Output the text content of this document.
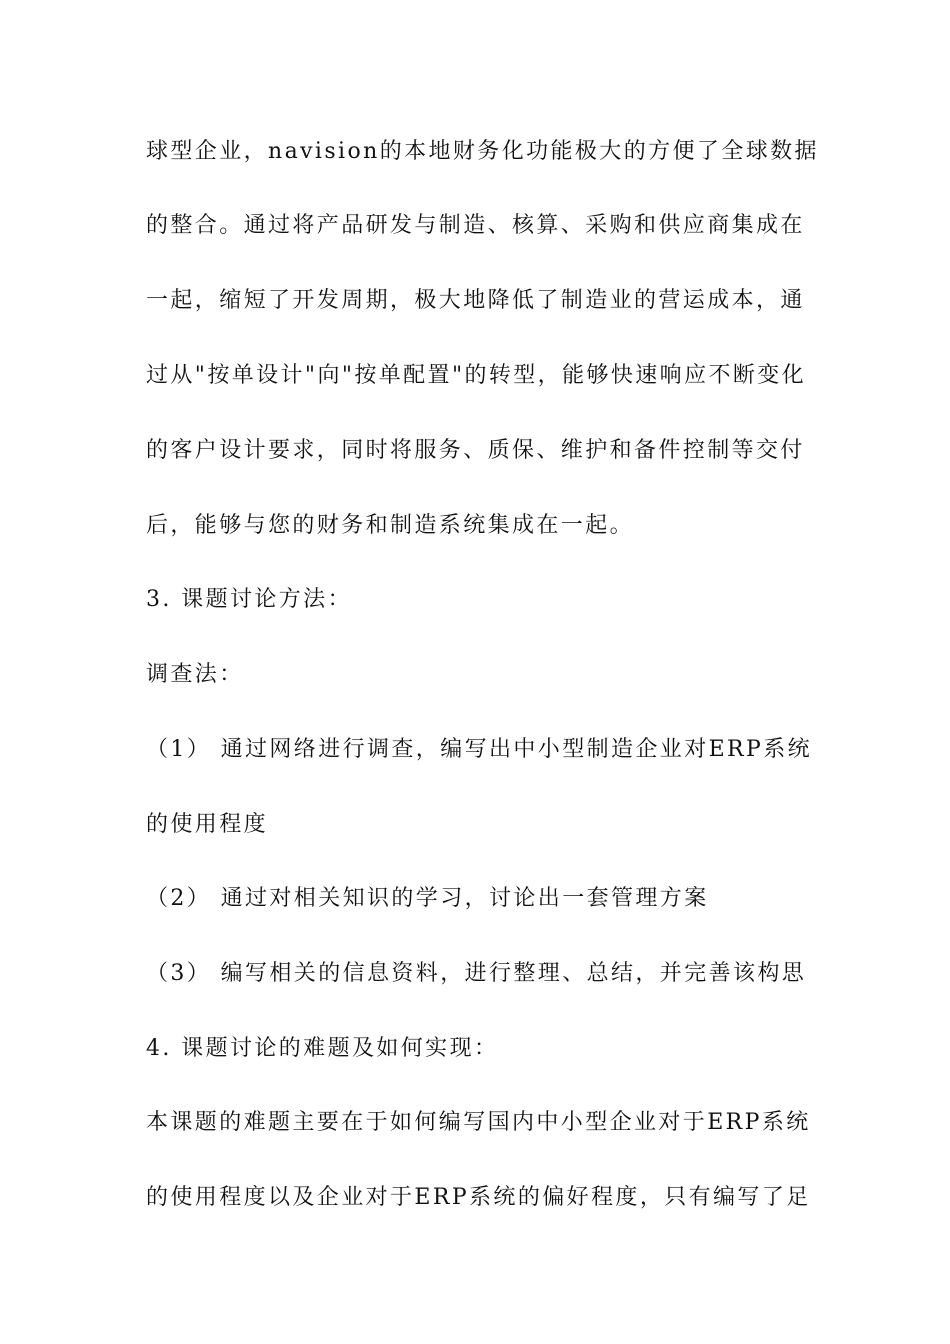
球型企业，navision的本地财务化功能极大的方便了全球数据
的整合。通过将产品研发与制造、核算、采购和供应商集成在
一起，缩短了开发周期，极大地降低了制造业的营运成本，通
过从"按单设计"向"按单配置"的转型，能够快速响应不断变化
的客户设计要求，同时将服务、质保、维护和备件控制等交付
后，能够与您的财务和制造系统集成在一起。
3. 课题讨论方法：
调查法：
（1） 通过网络进行调查，编写出中小型制造企业对ERP系统
的使用程度
（2） 通过对相关知识的学习，讨论出一套管理方案
（3） 编写相关的信息资料，进行整理、总结，并完善该构思
4. 课题讨论的难题及如何实现：
本课题的难题主要在于如何编写国内中小型企业对于ERP系统
的使用程度以及企业对于ERP系统的偏好程度，只有编写了足
